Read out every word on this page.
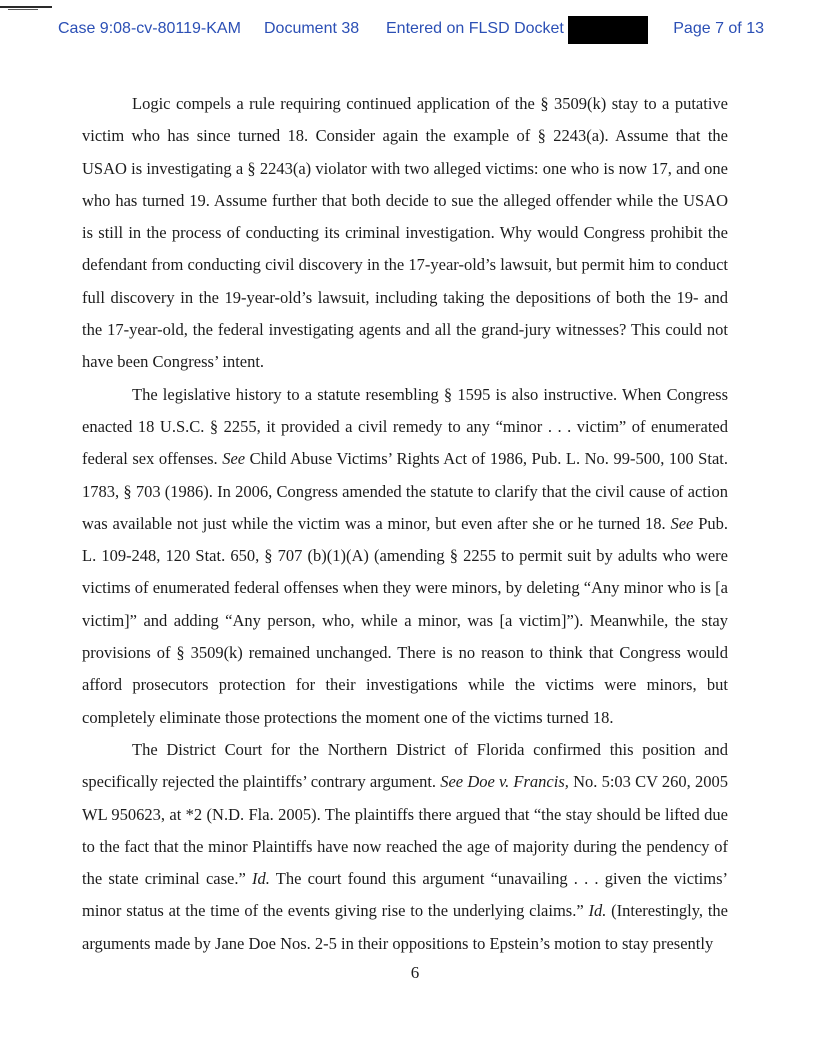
Case 9:08-cv-80119-KAM Document 38 Entered on FLSD Docket	Page 7 of 13

Logic compels a rule requiring continued application of the § 3509(k) stay to a putative victim who has since turned 18. Consider again the example of § 2243(a). Assume that the USAO is investigating a § 2243(a) violator with two alleged victims: one who is now 17, and one who has turned 19. Assume further that both decide to sue the alleged offender while the USAO is still in the process of conducting its criminal investigation. Why would Congress prohibit the defendant from conducting civil discovery in the 17-year-old’s lawsuit, but permit him to conduct full discovery in the 19-year-old’s lawsuit, including taking the depositions of both the 19- and the 17-year-old, the federal investigating agents and all the grand-jury witnesses? This could not have been Congress’ intent.

The legislative history to a statute resembling § 1595 is also instructive. When Congress enacted 18 U.S.C. § 2255, it provided a civil remedy to any “minor . . . victim” of enumerated federal sex offenses. See Child Abuse Victims’ Rights Act of 1986, Pub. L. No. 99-500, 100 Stat. 1783, § 703 (1986). In 2006, Congress amended the statute to clarify that the civil cause of action was available not just while the victim was a minor, but even after she or he turned 18. See Pub. L. 109-248, 120 Stat. 650, § 707 (b)(1)(A) (amending § 2255 to permit suit by adults who were victims of enumerated federal offenses when they were minors, by deleting “Any minor who is [a victim]” and adding “Any person, who, while a minor, was [a victim]”). Meanwhile, the stay provisions of § 3509(k) remained unchanged. There is no reason to think that Congress would afford prosecutors protection for their investigations while the victims were minors, but completely eliminate those protections the moment one of the victims turned 18.

The District Court for the Northern District of Florida confirmed this position and specifically rejected the plaintiffs’ contrary argument. See Doe v. Francis, No. 5:03 CV 260, 2005 WL 950623, at *2 (N.D. Fla. 2005). The plaintiffs there argued that “the stay should be lifted due to the fact that the minor Plaintiffs have now reached the age of majority during the pendency of the state criminal case.” Id. The court found this argument “unavailing . . . given the victims’ minor status at the time of the events giving rise to the underlying claims.” Id. (Interestingly, the arguments made by Jane Doe Nos. 2-5 in their oppositions to Epstein’s motion to stay presently

6
